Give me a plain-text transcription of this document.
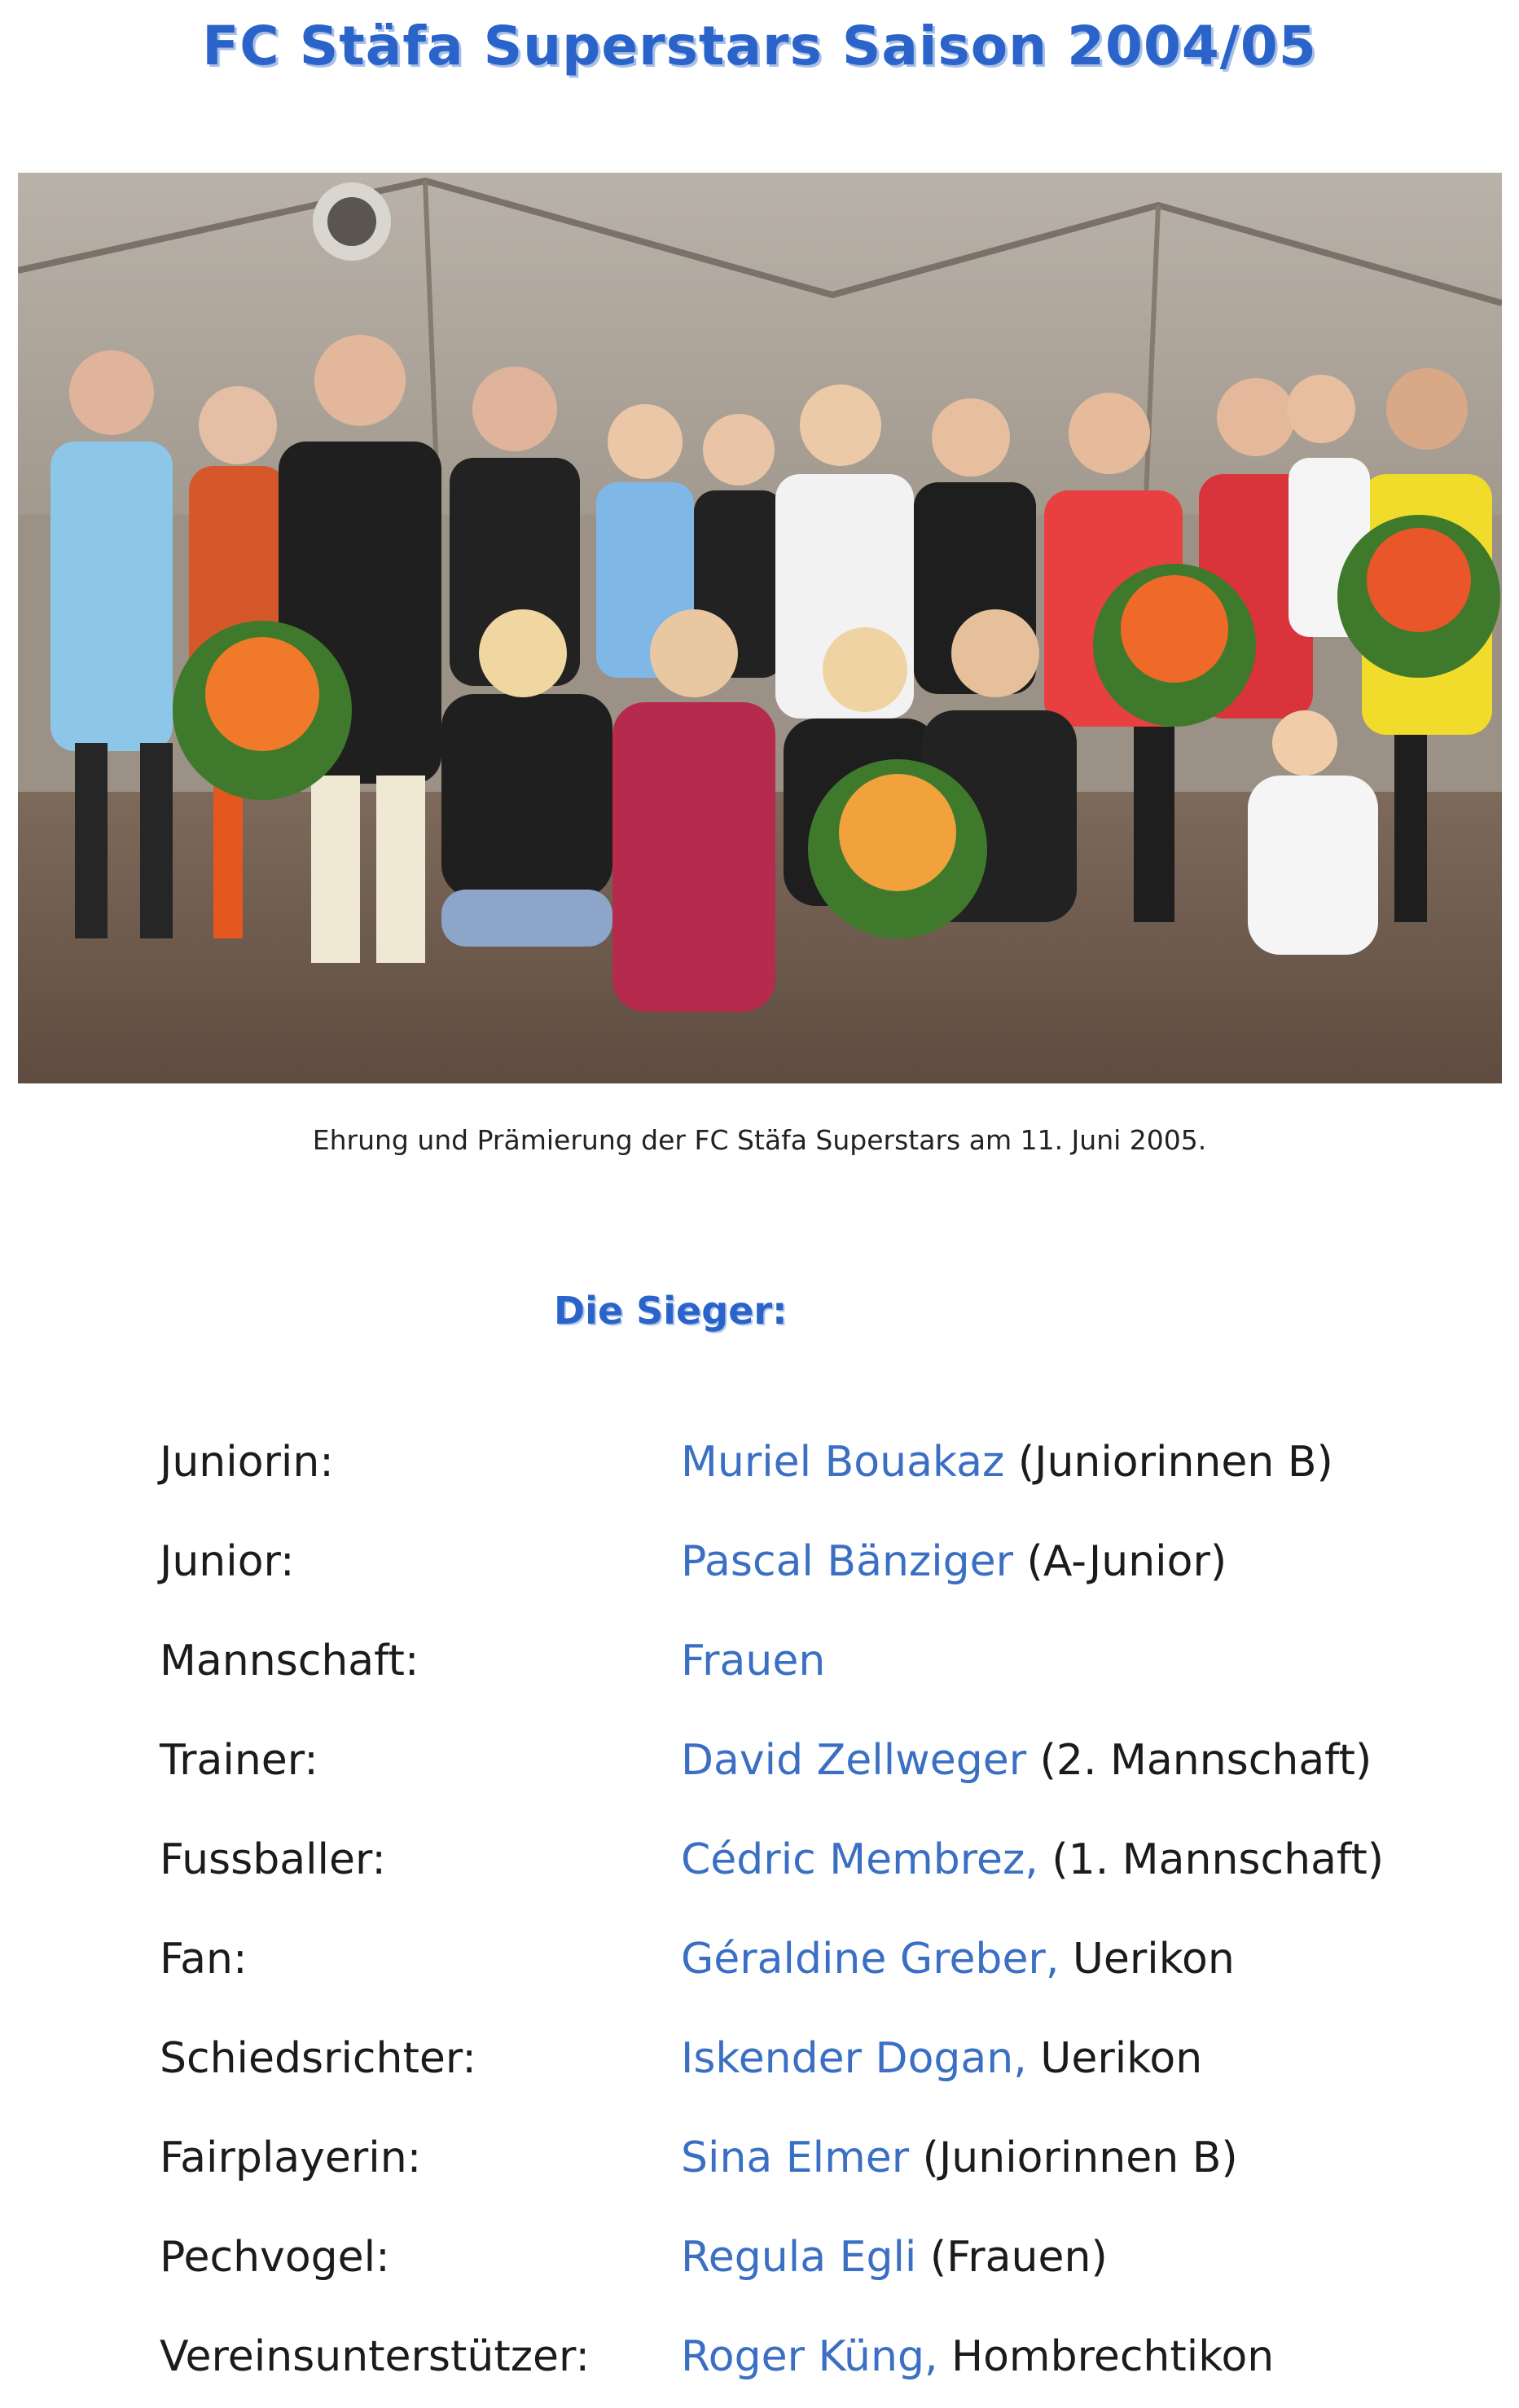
FC Stäfa Superstars Saison 2004/05
Ehrung und Prämierung der FC Stäfa Superstars am 11. Juni 2005.
Die Sieger:
Juniorin:	Muriel Bouakaz (Juniorinnen B)
Junior:	Pascal Bänziger (A-Junior)
Mannschaft:	Frauen
Trainer:	David Zellweger (2. Mannschaft)
Fussballer:	Cédric Membrez, (1. Mannschaft)
Fan:	Géraldine Greber, Uerikon
Schiedsrichter:	Iskender Dogan, Uerikon
Fairplayerin:	Sina Elmer (Juniorinnen B)
Pechvogel:	Regula Egli (Frauen)
Vereinsunterstützer: Roger Küng, Hombrechtikon
